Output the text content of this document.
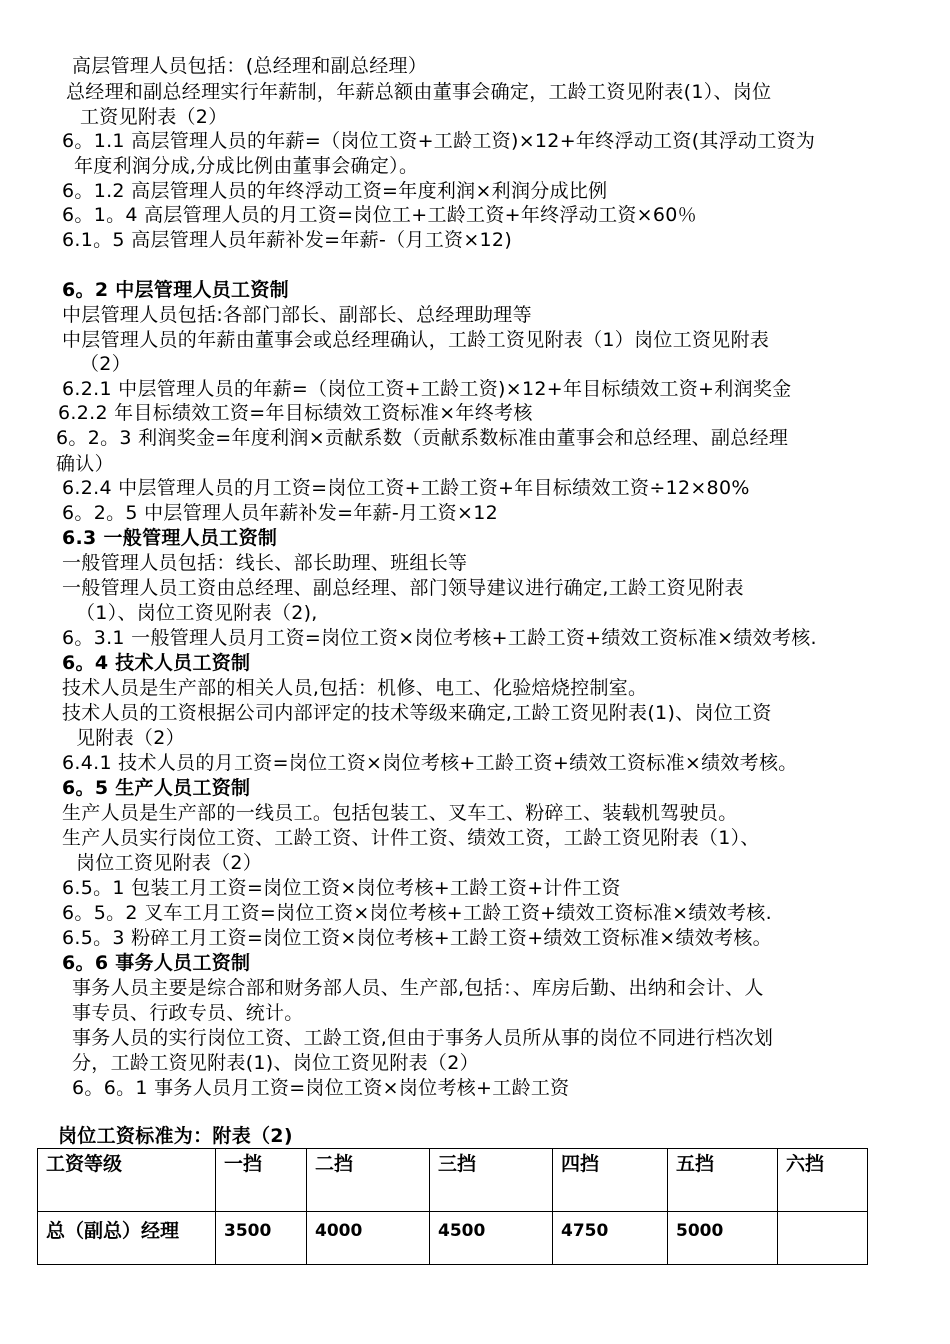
高层管理人员包括：(总经理和副总经理）
总经理和副总经理实行年薪制，年薪总额由董事会确定，工龄工资见附表(1）、岗位
工资见附表（2）
6。1.1 高层管理人员的年薪=（岗位工资+工龄工资)×12+年终浮动工资(其浮动工资为
年度利润分成,分成比例由董事会确定）。
6。1.2 高层管理人员的年终浮动工资=年度利润×利润分成比例
6。1。4 高层管理人员的月工资=岗位工+工龄工资+年终浮动工资×60％
6.1。5 高层管理人员年薪补发=年薪-（月工资×12)
6。2 中层管理人员工资制
中层管理人员包括:各部门部长、副部长、总经理助理等
中层管理人员的年薪由董事会或总经理确认，工龄工资见附表（1）岗位工资见附表
（2）
6.2.1 中层管理人员的年薪=（岗位工资+工龄工资)×12+年目标绩效工资+利润奖金
6.2.2 年目标绩效工资=年目标绩效工资标准×年终考核
6。2。3 利润奖金=年度利润×贡献系数（贡献系数标准由董事会和总经理、副总经理
确认）
6.2.4 中层管理人员的月工资=岗位工资+工龄工资+年目标绩效工资÷12×80%
6。2。5 中层管理人员年薪补发=年薪-月工资×12
6.3 一般管理人员工资制
一般管理人员包括：线长、部长助理、班组长等
一般管理人员工资由总经理、副总经理、部门领导建议进行确定,工龄工资见附表
（1）、岗位工资见附表（2),
6。3.1 一般管理人员月工资=岗位工资×岗位考核+工龄工资+绩效工资标准×绩效考核.
6。4 技术人员工资制
技术人员是生产部的相关人员,包括：机修、电工、化验焙烧控制室。
技术人员的工资根据公司内部评定的技术等级来确定,工龄工资见附表(1)、岗位工资
见附表（2）
6.4.1 技术人员的月工资=岗位工资×岗位考核+工龄工资+绩效工资标准×绩效考核。
6。5 生产人员工资制
生产人员是生产部的一线员工。包括包装工、叉车工、粉碎工、装载机驾驶员。
生产人员实行岗位工资、工龄工资、计件工资、绩效工资，工龄工资见附表（1）、
岗位工资见附表（2）
6.5。1 包装工月工资=岗位工资×岗位考核+工龄工资+计件工资
6。5。2 叉车工月工资=岗位工资×岗位考核+工龄工资+绩效工资标准×绩效考核.
6.5。3 粉碎工月工资=岗位工资×岗位考核+工龄工资+绩效工资标准×绩效考核。
6。6 事务人员工资制
事务人员主要是综合部和财务部人员、生产部,包括：、库房后勤、出纳和会计、人
事专员、行政专员、统计。
事务人员的实行岗位工资、工龄工资,但由于事务人员所从事的岗位不同进行档次划
分，工龄工资见附表(1)、岗位工资见附表（2）
6。6。1 事务人员月工资=岗位工资×岗位考核+工龄工资
岗位工资标准为：附表（2)
工资等级	一挡	二挡	三挡	四挡	五挡	六挡
总（副总）经理	3500	4000	4500	4750	5000	
